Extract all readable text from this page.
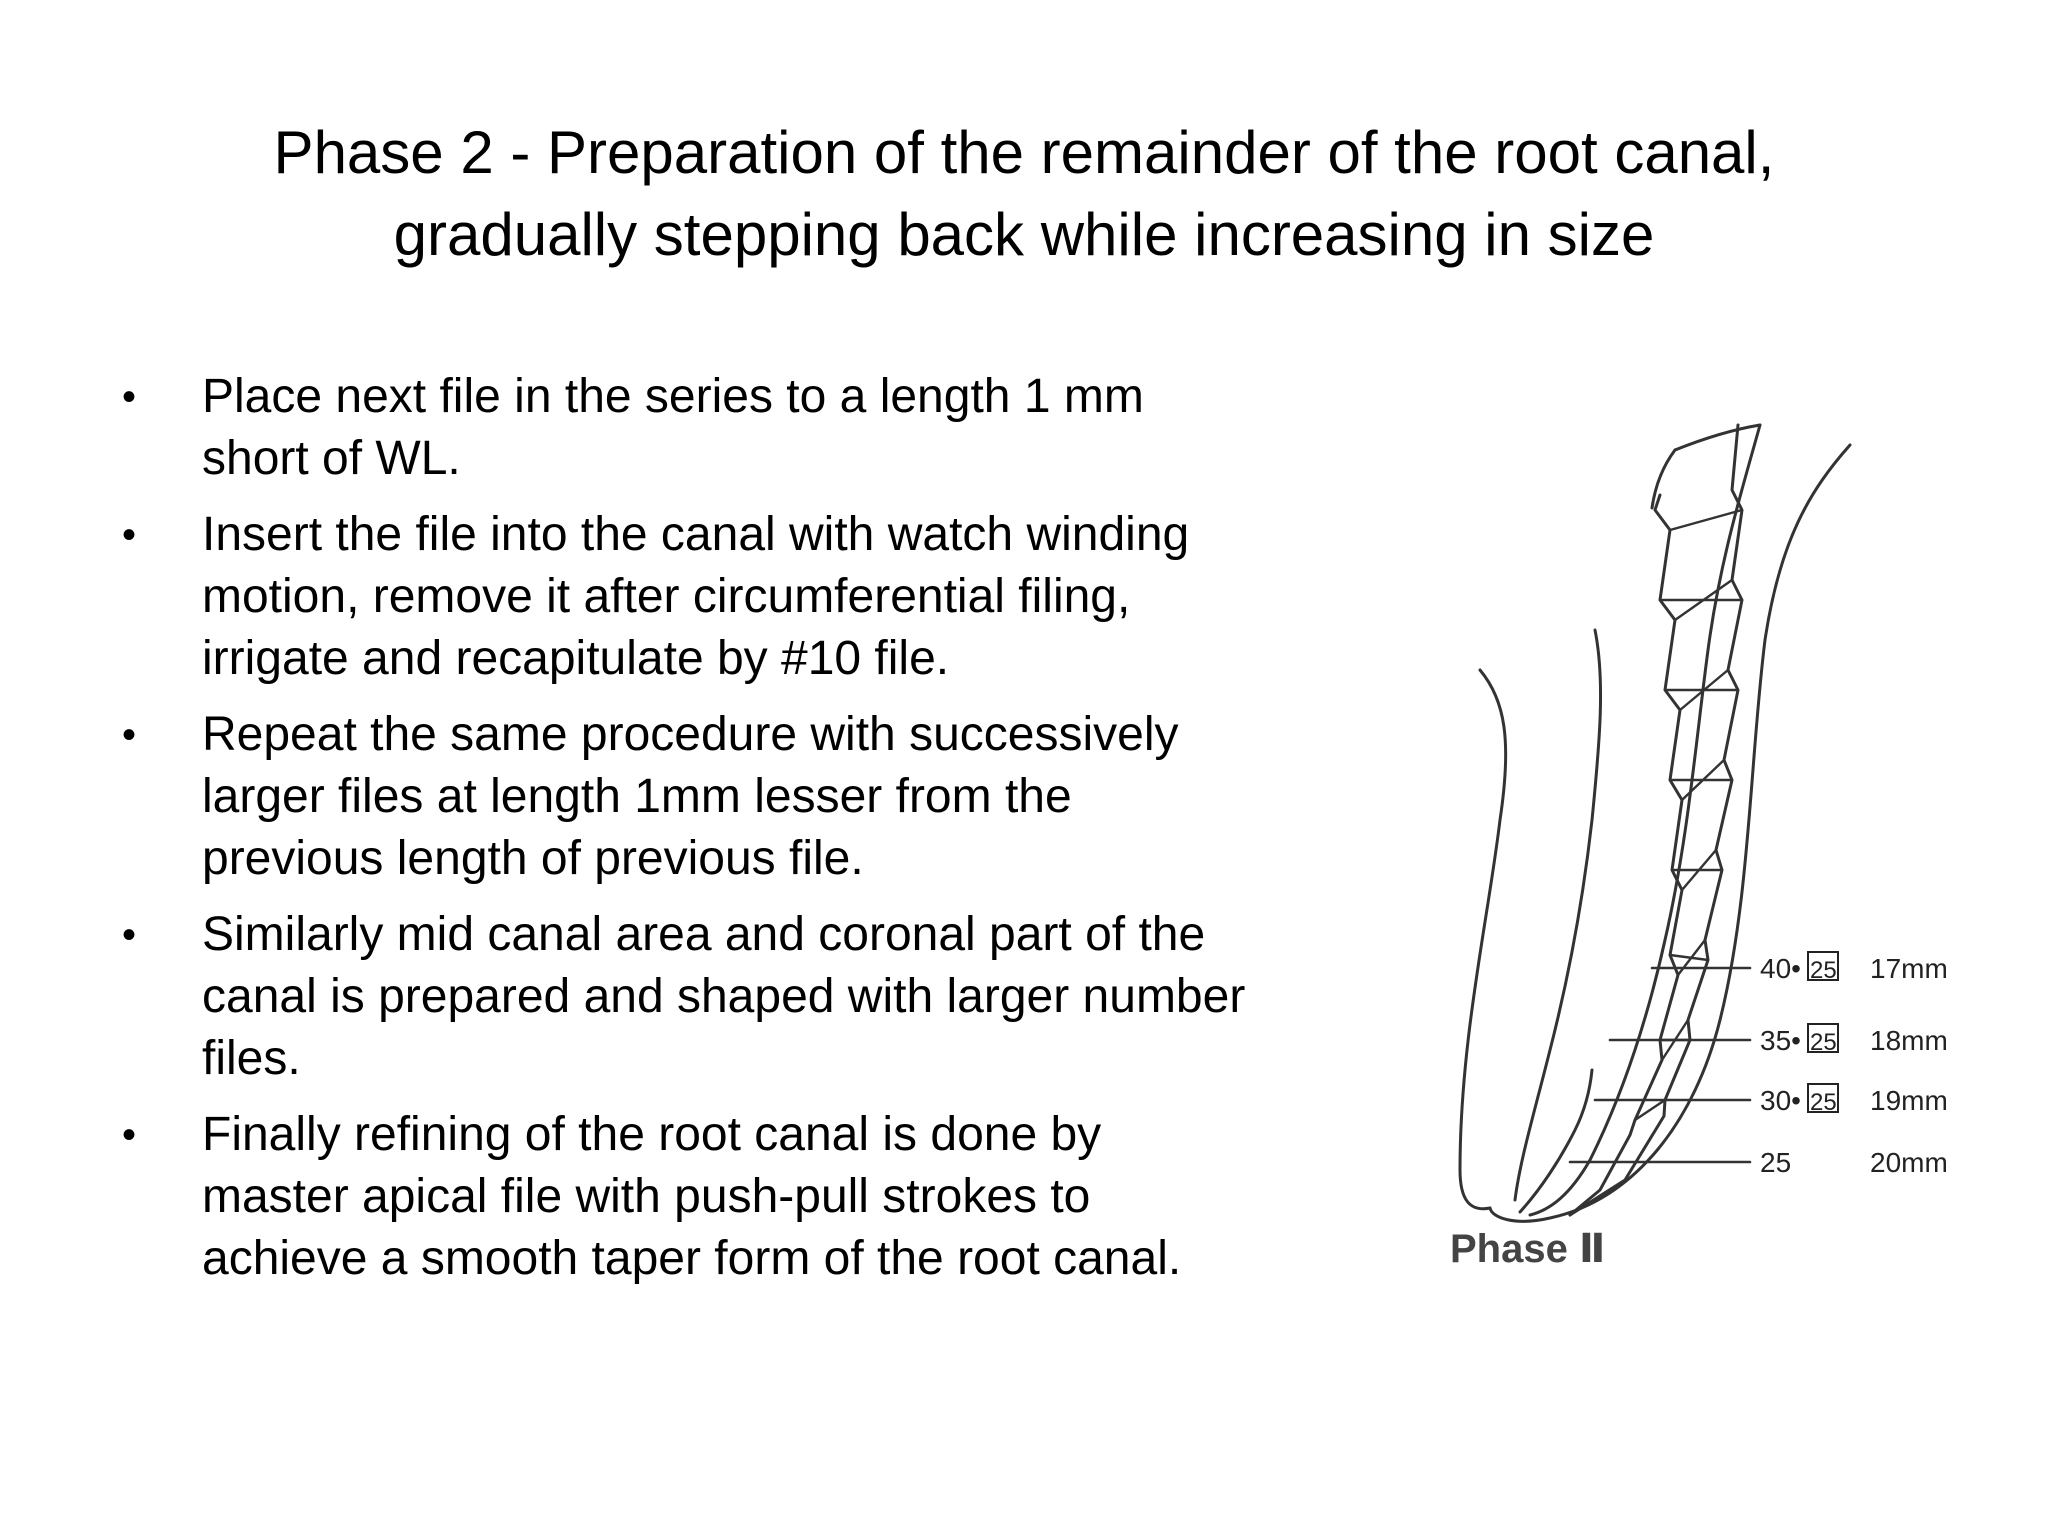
Phase 2 - Preparation of the remainder of the root canal,
gradually stepping back while increasing in size
• Place next file in the series to a length 1 mm
short of WL.
• Insert the file into the canal with watch winding
motion, remove it after circumferential filing,
irrigate and recapitulate by #10 file.
• Repeat the same procedure with successively
larger files at length 1mm lesser from the
previous length of previous file.
• Similarly mid canal area and coronal part of the
canal is prepared and shaped with larger number
files.
• Finally refining of the root canal is done by
master apical file with push-pull strokes to
achieve a smooth taper form of the root canal.
40• 25 17mm
35• 25 18mm
30• 25 19mm
25	20mm
Phase Ⅱ
